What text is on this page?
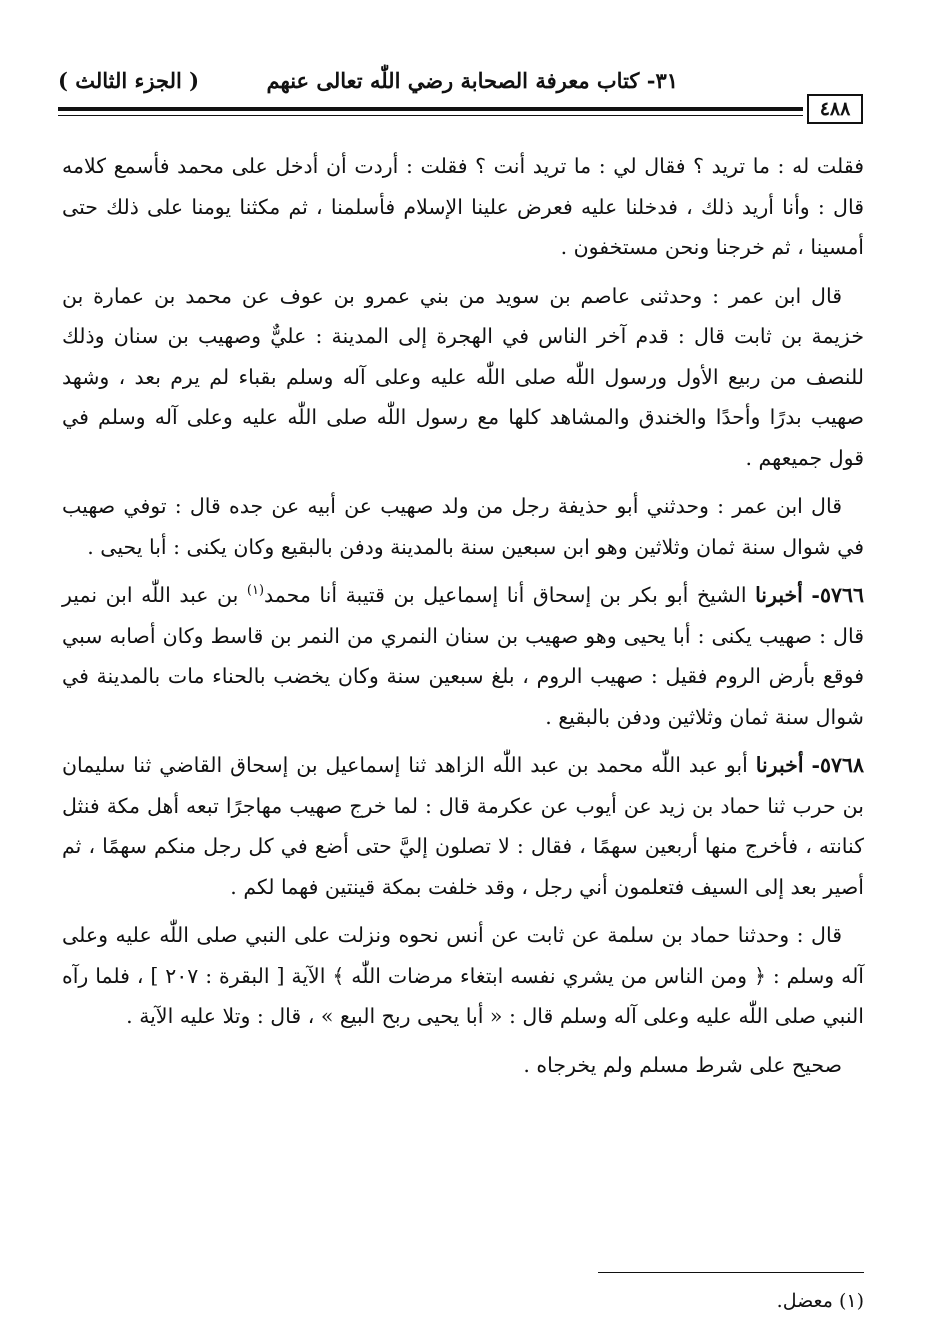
٣١- كتاب معرفة الصحابة رضي اللّٰه تعالى عنهم
( الجزء الثالث )
٤٨٨

فقلت له : ما تريد ؟ فقال لي : ما تريد أنت ؟ فقلت : أردت أن أدخل على محمد فأسمع كلامه قال : وأنا أريد ذلك ، فدخلنا عليه فعرض علينا الإسلام فأسلمنا ، ثم مكثنا يومنا على ذلك حتى أمسينا ، ثم خرجنا ونحن مستخفون .

قال ابن عمر : وحدثنى عاصم بن سويد من بني عمرو بن عوف عن محمد بن عمارة بن خزيمة بن ثابت قال : قدم آخر الناس في الهجرة إلى المدينة : عليٌّ وصهيب بن سنان وذلك للنصف من ربيع الأول ورسول اللّٰه صلى اللّٰه عليه وعلى آله وسلم بقباء لم يرم بعد ، وشهد صهيب بدرًا وأحدًا والخندق والمشاهد كلها مع رسول اللّٰه صلى اللّٰه عليه وعلى آله وسلم في قول جميعهم .

قال ابن عمر : وحدثني أبو حذيفة رجل من ولد صهيب عن أبيه عن جده قال : توفي صهيب في شوال سنة ثمان وثلاثين وهو ابن سبعين سنة بالمدينة ودفن بالبقيع وكان يكنى : أبا يحيى .

٥٧٦٦- أخبرنا الشيخ أبو بكر بن إسحاق أنا إسماعيل بن قتيبة أنا محمد$^{(١)}$ بن عبد اللّٰه ابن نمير قال : صهيب يكنى : أبا يحيى وهو صهيب بن سنان النمري من النمر بن قاسط وكان أصابه سبي فوقع بأرض الروم فقيل : صهيب الروم ، بلغ سبعين سنة وكان يخضب بالحناء مات بالمدينة في شوال سنة ثمان وثلاثين ودفن بالبقيع .

٥٧٦٨- أخبرنا أبو عبد اللّٰه محمد بن عبد اللّٰه الزاهد ثنا إسماعيل بن إسحاق القاضي ثنا سليمان بن حرب ثنا حماد بن زيد عن أيوب عن عكرمة قال : لما خرج صهيب مهاجرًا تبعه أهل مكة فنثل كنانته ، فأخرج منها أربعين سهمًا ، فقال : لا تصلون إليَّ حتى أضع في كل رجل منكم سهمًا ، ثم أصير بعد إلى السيف فتعلمون أني رجل ، وقد خلفت بمكة قينتين فهما لكم .

قال : وحدثنا حماد بن سلمة عن ثابت عن أنس نحوه ونزلت على النبي صلى اللّٰه عليه وعلى آله وسلم : ﴿ ومن الناس من يشري نفسه ابتغاء مرضات اللّٰه ﴾ الآية [ البقرة : ٢٠٧ ] ، فلما رآه النبي صلى اللّٰه عليه وعلى آله وسلم قال : « أبا يحيى ربح البيع » ، قال : وتلا عليه الآية .

صحيح على شرط مسلم ولم يخرجاه .

(١) معضل.
